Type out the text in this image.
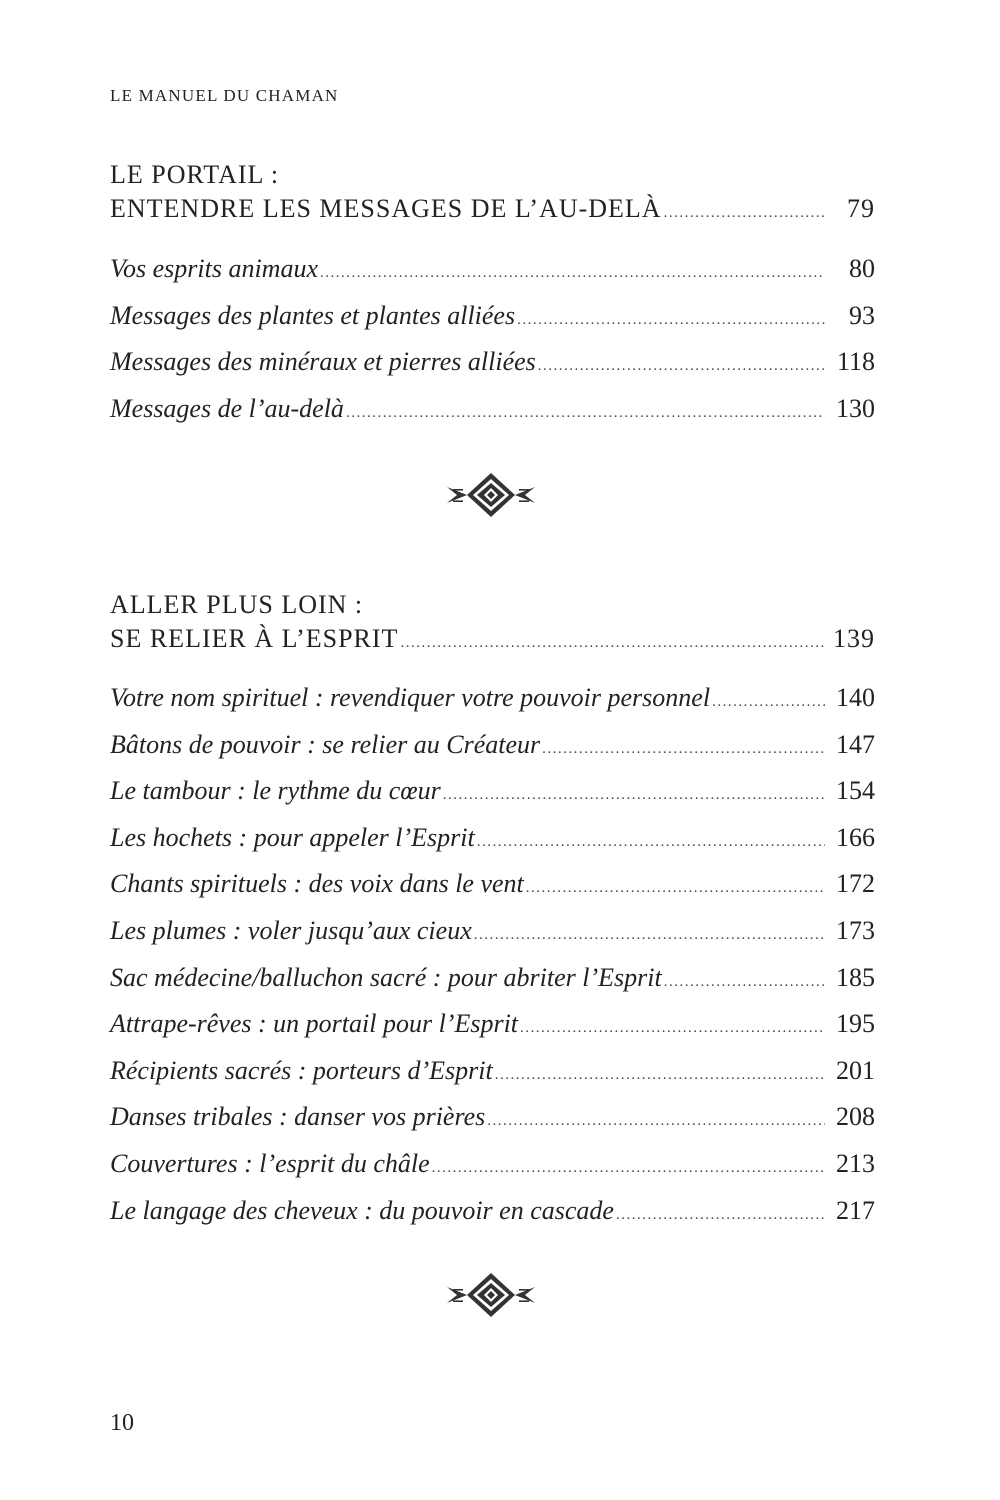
LE MANUEL DU CHAMAN
LE PORTAIL :
ENTENDRE LES MESSAGES DE L’AU-DELÀ .....	79
Vos esprits animaux .....	80
Messages des plantes et plantes alliées .....	93
Messages des minéraux et pierres alliées .....	118
Messages de l’au-delà .....	130
ALLER PLUS LOIN :
SE RELIER À L’ESPRIT .....	139
Votre nom spirituel : revendiquer votre pouvoir personnel .....	140
Bâtons de pouvoir : se relier au Créateur .....	147
Le tambour : le rythme du cœur .....	154
Les hochets : pour appeler l’Esprit .....	166
Chants spirituels : des voix dans le vent .....	172
Les plumes : voler jusqu’aux cieux .....	173
Sac médecine/balluchon sacré : pour abriter l’Esprit .....	185
Attrape-rêves : un portail pour l’Esprit .....	195
Récipients sacrés : porteurs d’Esprit .....	201
Danses tribales : danser vos prières .....	208
Couvertures : l’esprit du châle .....	213
Le langage des cheveux : du pouvoir en cascade .....	217
10
